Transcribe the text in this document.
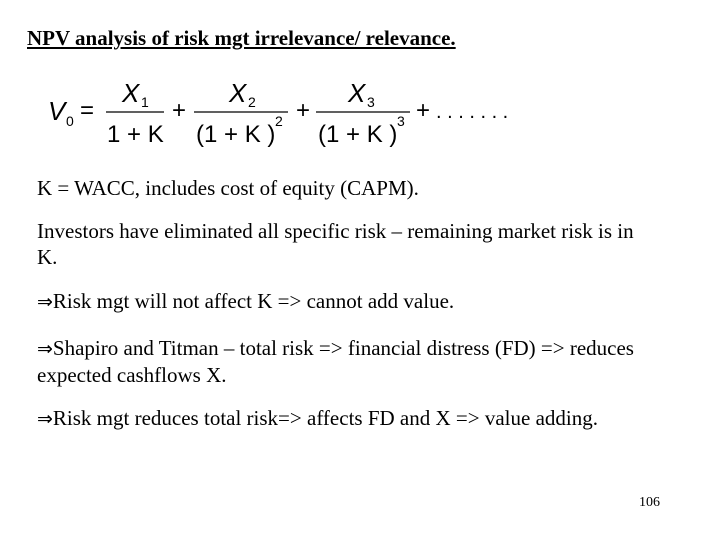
NPV analysis of risk mgt irrelevance/ relevance.
V 0 =
X 1
1 + K
+
X 2
(1 + K ) 2 +
X 3
(1 + K ) 3 + . . . . . . .
K = WACC, includes cost of equity (CAPM).
Investors have eliminated all specific risk – remaining market risk is in K.
⇒Risk mgt will not affect K => cannot add value.
⇒Shapiro and Titman – total risk => financial distress (FD) => reduces expected cashflows X.
⇒Risk mgt reduces total risk=> affects FD and X => value adding.
106
